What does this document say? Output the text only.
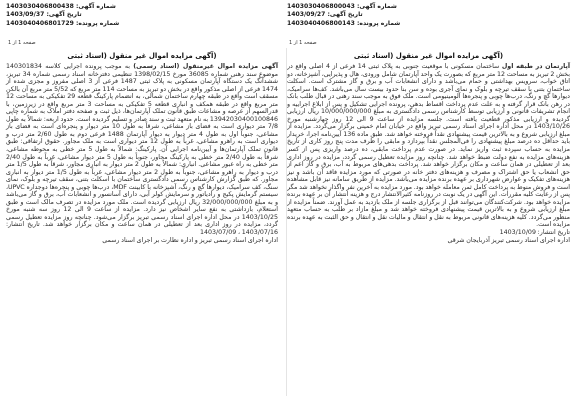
شماره آگهی: 1403030406800043
تاریخ آگهی: 1403/09/27
شماره پرونده: 1403040406800143
صفحه 1 از 1
(آگهی مزایده اموال غیر منقول (اسناد ثبتی

آپارتمان در طبقه اول ساختمان مسکونی با موقعیت جنوبی به پلاک ثبتی 14 فرعی از 4 اصلی واقع در بخش 2 تبریز به مساحت 12 متر مربع که بصورت یک واحد آپارتمان شامل ورودی، هال و پذیرایی، آشپزخانه، دو اتاق خواب، سرویس بهداشتی و حمام می‌باشد و دارای انشعابات آب و برق و گاز مشترک است. اسکلت ساختمان بتنی با سقف تیرچه و بلوک و نمای آجری بوده و سن بنا حدود بیست سال می‌باشد. کف‌ها سرامیک، دیوارها گچ و رنگ، درب‌ها چوبی و پنجره‌ها آلومینیومی است. ملک فوق به موجب سند رهنی در قبال طلب بانک در رهن بانک قرار گرفته و به علت عدم پرداخت اقساط بدهی، پرونده اجرایی تشکیل و پس از ابلاغ اجراییه و انجام تشریفات قانونی و ارزیابی توسط کارشناس رسمی دادگستری به مبلغ 10/000/000/000 ریال ارزیابی گردیده و ارزیابی مذکور قطعیت یافته است. جلسه مزایده از ساعت 9 الی 12 روز چهارشنبه مورخ 1403/10/26 در محل اداره اجرای اسناد رسمی تبریز واقع در خیابان امام خمینی برگزار می‌گردد. مزایده از مبلغ ارزیابی شروع و به بالاترین قیمت پیشنهادی نقداً فروخته خواهد شد. طبق ماده 136 آیین‌نامه اجرا، خریدار باید حداقل ده درصد مبلغ پیشنهادی را فی‌المجلس نقداً بپردازد و مابقی را ظرف مدت پنج روز کاری از تاریخ مزایده به حساب سپرده ثبت واریز نماید. در صورت عدم پرداخت مابقی، ده درصد واریزی پس از کسر هزینه‌های مزایده به نفع دولت ضبط خواهد شد. چنانچه روز مزایده تعطیل رسمی گردد، مزایده در روز اداری بعد از تعطیلی در همان ساعت و مکان برگزار خواهد شد. پرداخت بدهی‌های مربوط به آب، برق و گاز اعم از حق انشعاب یا حق اشتراک و مصرف و هزینه‌های دفتر خانه در صورتی که مورد مزایده فاقد آن باشد و نیز هزینه‌های تفکیک و عوارض شهرداری بر عهده برنده مزایده می‌باشد. مزایده از طریق سامانه نیز قابل مشاهده است و فروش منوط به پرداخت کامل ثمن معامله خواهد بود. مورد مزایده به آخرین نفر واگذار نخواهد شد مگر پس از رعایت کلیه مقررات. این آگهی در یک نوبت در روزنامه کثیرالانتشار درج و هزینه انتشار آن بر عهده برنده مزایده خواهد بود. شرکت‌کنندگان می‌توانند قبل از برگزاری جلسه از ملک بازدید به عمل آورند. ضمناً مزایده از مبلغ ارزیابی شروع و به بالاترین قیمت پیشنهادی فروخته خواهد شد و مبلغ مازاد بر طلب به حساب متعهد منظور می‌گردد. کلیه هزینه‌های قانونی مربوط به نقل و انتقال و مالیات نقل و انتقال و حق الثبت به عهده برنده مزایده است.

تاریخ انتشار: 1403/10/09

اداره اجرای اسناد رسمی تبریز آذربایجان شرقی

شماره آگهی: 1403030406800438
تاریخ آگهی: 1403/09/37
شماره پرونده: 1403040406801729
صفحه 1 از 1
(آگهی مزایده اموال غیر منقول (اسناد ثبتی

آگهی مزایده اموال غیرمنقول (اسناد رسمی) به موجب پرونده اجرایی کلاسه 140301834 موضوع سند رهنی شماره 36085 مورخ 1398/02/15 تنظیمی دفترخانه اسناد رسمی شماره 34 تبریز، ششدانگ یک دستگاه آپارتمان مسکونی به پلاک ثبتی 1487 فرعی از 3 اصلی مفروز و مجزی شده از 1474 فرعی از اصلی مذکور واقع در بخش دو تبریز به مساحت 114 متر مربع که 5/52 متر مربع آن بالکن مسقف است واقع در طبقه چهارم ساختمان شمالی، به انضمام پارکینگ قطعه 29 تفکیکی به مساحت 12 متر مربع واقع در طبقه همکف و انباری قطعه 5 تفکیکی به مساحت 3 متر مربع واقع در زیرزمین، با قدرالسهم از عرصه و مشاعات طبق قانون تملک آپارتمان‌ها، ذیل ثبت و صفحه دفتر املاک به شماره چاپی 13942030400100846 به نام متعهد ثبت و سند صادر و تسلیم گردیده است. حدود اربعه: شمالاً به طول 7/8 متر دیواری است به فضای باز مشاعی، شرقاً به طول 10 متر دیوار و پنجره‌ای است به فضای باز مشاعی، جنوباً اول به طول 4 متر دیوار به دیوار آپارتمان 1488 فرعی دوم به طول 2/60 متر درب و دیواری است به راهرو مشاعی، غرباً به طول 12 متر دیواری است به ملک مجاور. حقوق ارتفاقی: طبق قانون تملک آپارتمان‌ها و آیین‌نامه اجرایی آن. پارکینگ: شمالاً به طول 5 متر خطی به محوطه مشاعی، شرقاً به طول 2/40 متر خطی به پارکینگ مجاور، جنوباً به طول 5 متر دیوار مشاعی، غرباً به طول 2/40 متر خطی به راه عبور مشاعی. انباری: شمالاً به طول 2 متر دیوار به انباری مجاور، شرقاً به طول 1/5 متر درب و دیوار به راهرو مشاعی، جنوباً به طول 2 متر دیوار مشاعی، غرباً به طول 1/5 متر دیوار به انباری مجاور. که طبق گزارش کارشناس رسمی دادگستری ساختمان با اسکلت بتنی، سقف تیرچه و بلوک، نمای سنگ، کف سرامیک، دیوارها گچ و رنگ، آشپزخانه با کابینت MDF، درب‌ها چوبی و پنجره‌ها دوجداره UPVC، سیستم گرمایش پکیج و رادیاتور و سرمایش کولر آبی، دارای آسانسور و انشعابات آب، برق و گاز می‌باشد و به مبلغ 32/000/000/000 ریال ارزیابی گردیده است. ملک مورد مزایده در تصرف مالک است و طبق استعلام، بازداشتی به نفع سایر اشخاص نیز دارد. مزایده از ساعت 9 الی 12 روز سه شنبه مورخ 1403/10/25 در محل اداره اجرای اسناد رسمی تبریز برگزار می‌شود. چنانچه روز مزایده تعطیل رسمی گردد، مزایده در روز اداری بعد از تعطیلی در همان ساعت و مکان برگزار خواهد شد. تاریخ انتشار: 1403/07/16 ، 1403/07/09

اداره اجرای اسناد رسمی تبریز و اداره نظارت بر اجرای اسناد رسمی
